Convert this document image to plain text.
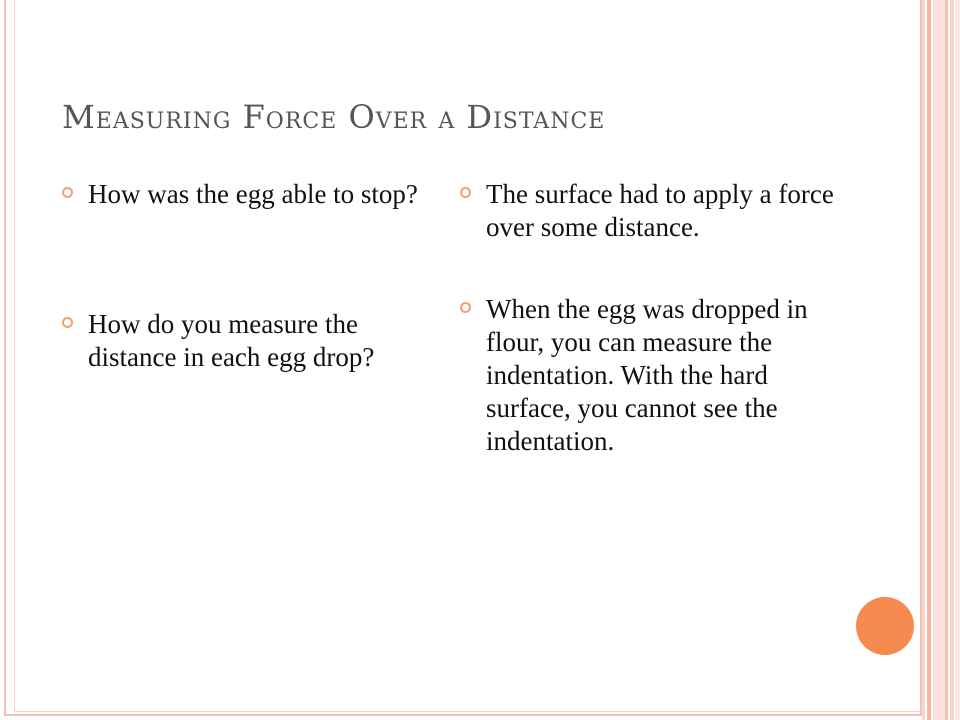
Measuring Force Over a Distance
How was the egg able to stop?
How do you measure the distance in each egg drop?
The surface had to apply a force over some distance.
When the egg was dropped in flour, you can measure the indentation. With the hard surface, you cannot see the indentation.
